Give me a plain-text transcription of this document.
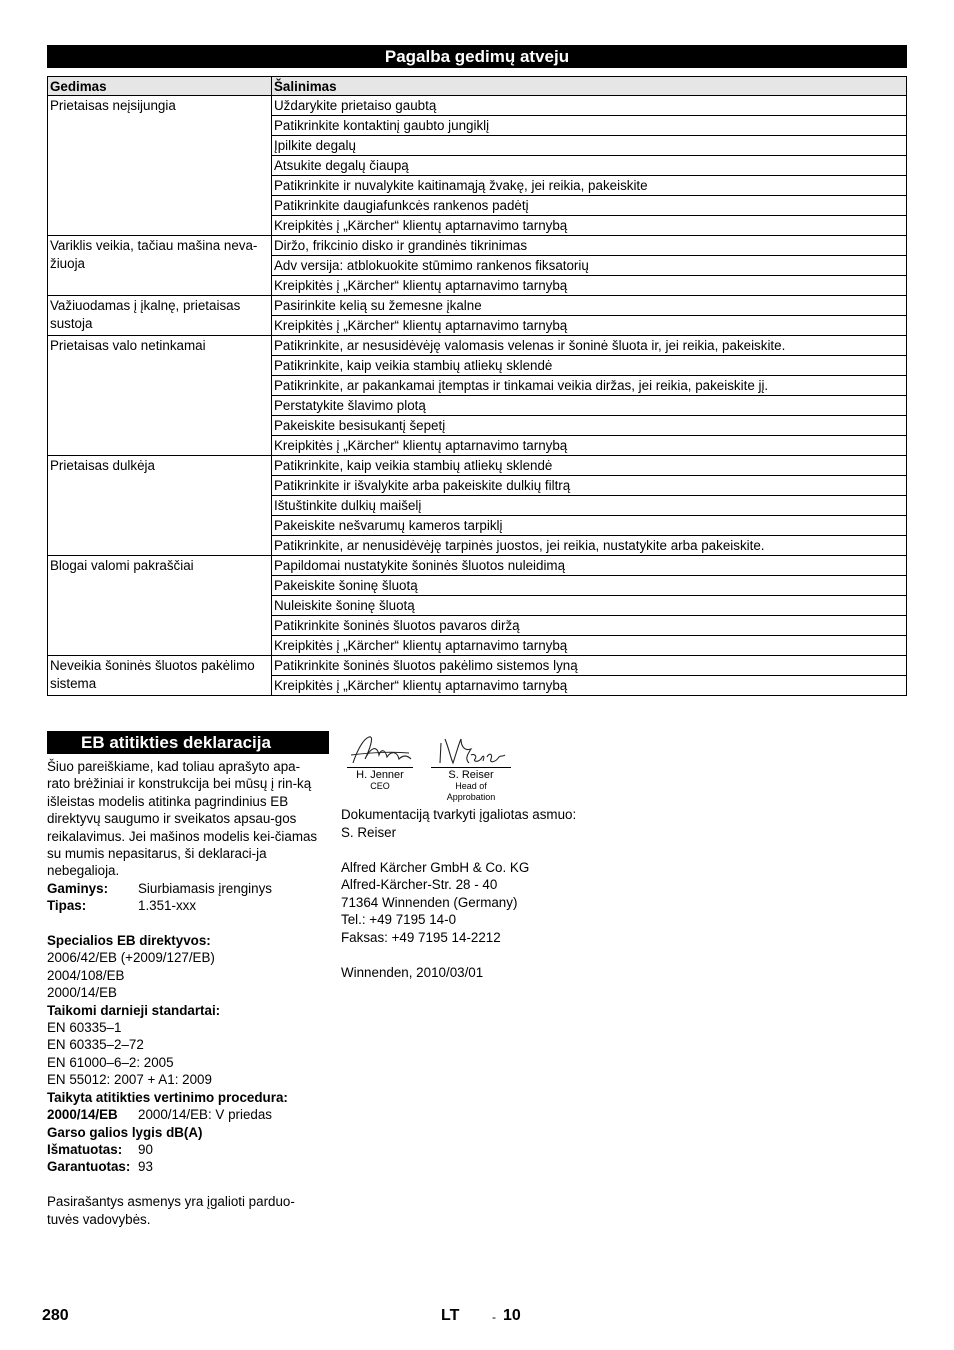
Pagalba gedimų atveju
Gedimas	Šalinimas
Prietaisas neįsijungia	Uždarykite prietaiso gaubtą
	Patikrinkite kontaktinį gaubto jungiklį
	Įpilkite degalų
	Atsukite degalų čiaupą
	Patikrinkite ir nuvalykite kaitinamąją žvakę, jei reikia, pakeiskite
	Patikrinkite daugiafunkcės rankenos padėtį
	Kreipkitės į „Kärcher“ klientų aptarnavimo tarnybą
Variklis veikia, tačiau mašina neva-žiuoja	Diržo, frikcinio disko ir grandinės tikrinimas
	Adv versija: atblokuokite stūmimo rankenos fiksatorių
	Kreipkitės į „Kärcher“ klientų aptarnavimo tarnybą
Važiuodamas į įkalnę, prietaisas sustoja	Pasirinkite kelią su žemesne įkalne
	Kreipkitės į „Kärcher“ klientų aptarnavimo tarnybą
Prietaisas valo netinkamai	Patikrinkite, ar nesusidėvėję valomasis velenas ir šoninė šluota ir, jei reikia, pakeiskite.
	Patikrinkite, kaip veikia stambių atliekų sklendė
	Patikrinkite, ar pakankamai įtemptas ir tinkamai veikia diržas, jei reikia, pakeiskite jį.
	Perstatykite šlavimo plotą
	Pakeiskite besisukantį šepetį
	Kreipkitės į „Kärcher“ klientų aptarnavimo tarnybą
Prietaisas dulkėja	Patikrinkite, kaip veikia stambių atliekų sklendė
	Patikrinkite ir išvalykite arba pakeiskite dulkių filtrą
	Ištuštinkite dulkių maišelį
	Pakeiskite nešvarumų kameros tarpiklį
	Patikrinkite, ar nenusidėvėję tarpinės juostos, jei reikia, nustatykite arba pakeiskite.
Blogai valomi pakraščiai	Papildomai nustatykite šoninės šluotos nuleidimą
	Pakeiskite šoninę šluotą
	Nuleiskite šoninę šluotą
	Patikrinkite šoninės šluotos pavaros diržą
	Kreipkitės į „Kärcher“ klientų aptarnavimo tarnybą
Neveikia šoninės šluotos pakėlimo sistema	Patikrinkite šoninės šluotos pakėlimo sistemos lyną
	Kreipkitės į „Kärcher“ klientų aptarnavimo tarnybą
EB atitikties deklaracija

Šiuo pareiškiame, kad toliau aprašyto apa-rato brėžiniai ir konstrukcija bei mūsų į rin-ką išleistas modelis atitinka pagrindinius EB direktyvų saugumo ir sveikatos apsau-gos reikalavimus. Jei mašinos modelis kei-čiamas su mumis nepasitarus, ši deklaraci-ja nebegalioja.

Gaminys:	Siurbiamasis įrenginys
Tipas:	1.351-xxx

Specialios EB direktyvos:

2006/42/EB (+2009/127/EB)

2004/108/EB

2000/14/EB

Taikomi darnieji standartai:

EN 60335–1

EN 60335–2–72

EN 61000–6–2: 2005

EN 55012: 2007 + A1: 2009

Taikyta atitikties vertinimo procedura:

2000/14/EB	2000/14/EB: V priedas

Garso galios lygis dB(A)

Išmatuotas:	90
Garantuotas: 93

Pasirašantys asmenys yra įgalioti parduo-tuvės vadovybės.

H. Jenner
CEO
S. Reiser
Head of Approbation

Dokumentaciją tvarkyti įgaliotas asmuo:

S. Reiser

Alfred Kärcher GmbH & Co. KG

Alfred-Kärcher-Str. 28 - 40

71364 Winnenden (Germany)

Tel.: +49 7195 14-0

Faksas: +49 7195 14-2212

Winnenden, 2010/03/01

280	LT	- 10
